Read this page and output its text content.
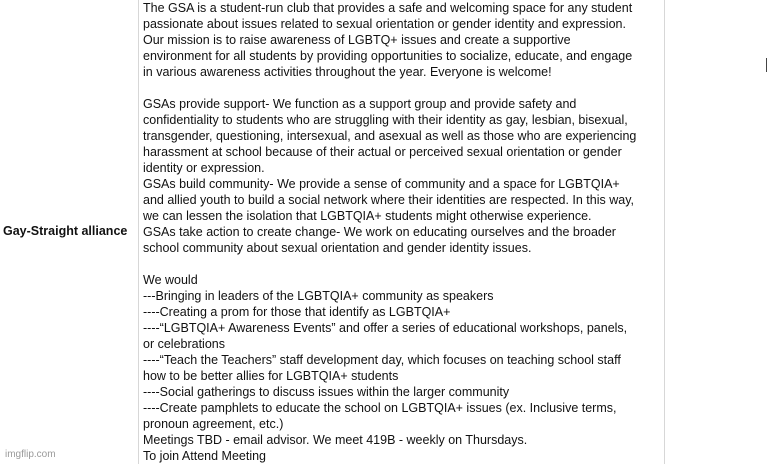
Gay-Straight alliance
The GSA is a student-run club that provides a safe and welcoming space for any student
passionate about issues related to sexual orientation or gender identity and expression.
Our mission is to raise awareness of LGBTQ+ issues and create a supportive
environment for all students by providing opportunities to socialize, educate, and engage
in various awareness activities throughout the year. Everyone is welcome!
GSAs provide support- We function as a support group and provide safety and
confidentiality to students who are struggling with their identity as gay, lesbian, bisexual,
transgender, questioning, intersexual, and asexual as well as those who are experiencing
harassment at school because of their actual or perceived sexual orientation or gender
identity or expression.
GSAs build community- We provide a sense of community and a space for LGBTQIA+
and allied youth to build a social network where their identities are respected. In this way,
we can lessen the isolation that LGBTQIA+ students might otherwise experience.
GSAs take action to create change- We work on educating ourselves and the broader
school community about sexual orientation and gender identity issues.
We would
---Bringing in leaders of the LGBTQIA+ community as speakers
----Creating a prom for those that identify as LGBTQIA+
----“LGBTQIA+ Awareness Events” and offer a series of educational workshops, panels,
or celebrations
----“Teach the Teachers” staff development day, which focuses on teaching school staff
how to be better allies for LGBTQIA+ students
----Social gatherings to discuss issues within the larger community
----Create pamphlets to educate the school on LGBTQIA+ issues (ex. Inclusive terms,
pronoun agreement, etc.)
Meetings TBD - email advisor. We meet 419B - weekly on Thursdays.
To join Attend Meeting
imgflip.com
